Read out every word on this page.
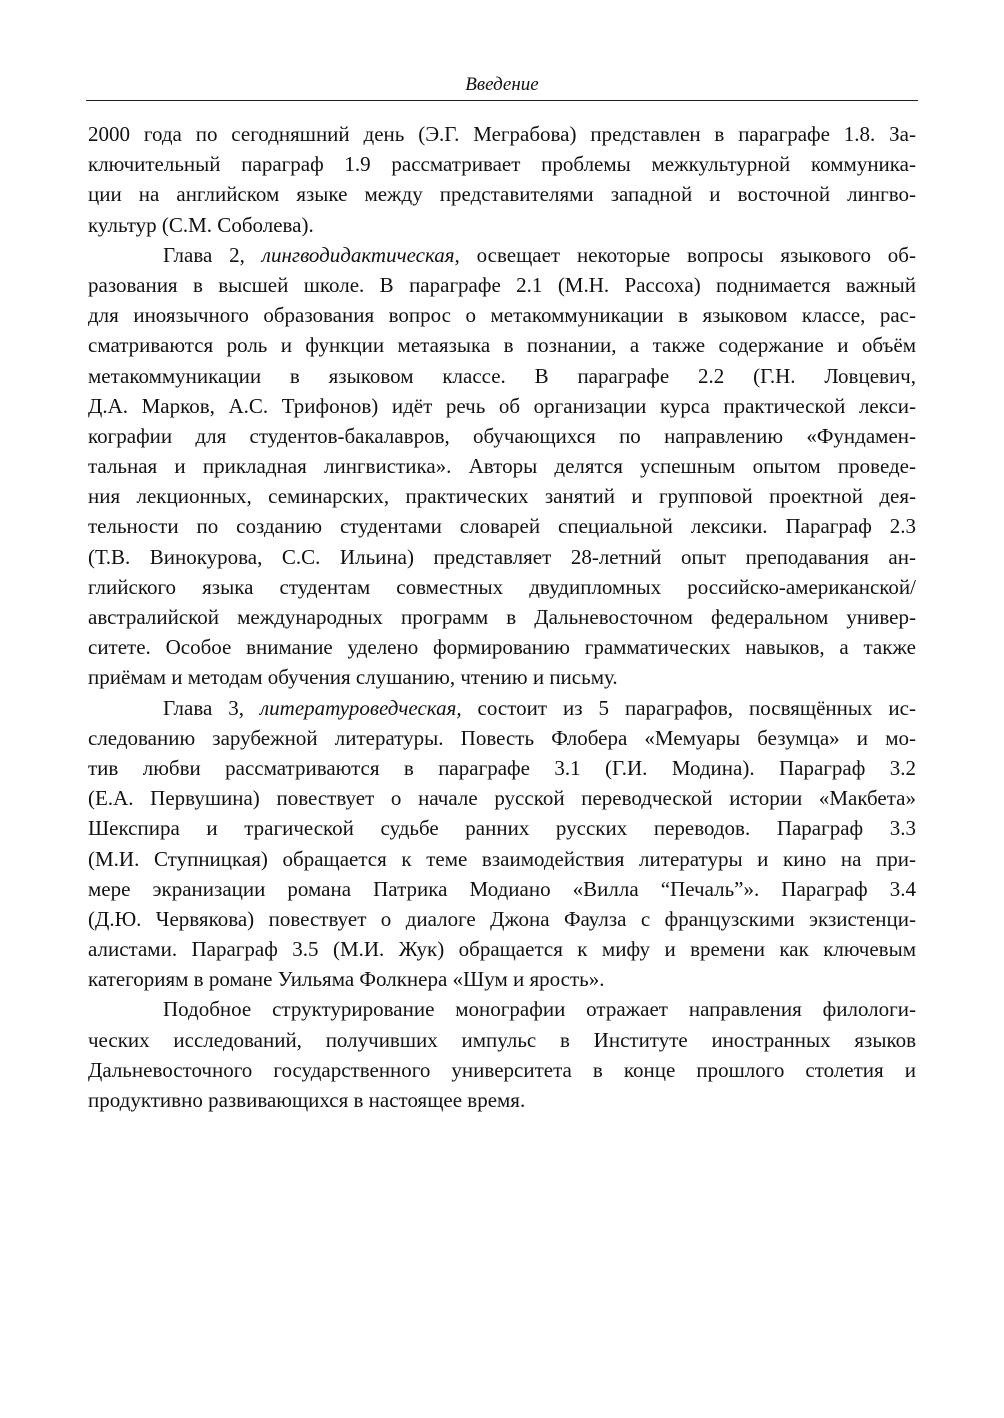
Введение
2000 года по сегодняшний день (Э.Г. Меграбова) представлен в параграфе 1.8. За-
ключительный параграф 1.9 рассматривает проблемы межкультурной коммуника-
ции на английском языке между представителями западной и восточной лингво-
культур (С.М. Соболева).
Глава 2, лингводидактическая, освещает некоторые вопросы языкового об-
разования в высшей школе. В параграфе 2.1 (М.Н. Рассоха) поднимается важный
для иноязычного образования вопрос о метакоммуникации в языковом классе, рас-
сматриваются роль и функции метаязыка в познании, а также содержание и объём
метакоммуникации в языковом классе. В параграфе 2.2 (Г.Н. Ловцевич,
Д.А. Марков, А.С. Трифонов) идёт речь об организации курса практической лекси-
кографии для студентов-бакалавров, обучающихся по направлению «Фундамен-
тальная и прикладная лингвистика». Авторы делятся успешным опытом проведе-
ния лекционных, семинарских, практических занятий и групповой проектной дея-
тельности по созданию студентами словарей специальной лексики. Параграф 2.3
(Т.В. Винокурова, С.С. Ильина) представляет 28-летний опыт преподавания ан-
глийского языка студентам совместных двудипломных российско-американской/
австралийской международных программ в Дальневосточном федеральном универ-
ситете. Особое внимание уделено формированию грамматических навыков, а также
приёмам и методам обучения слушанию, чтению и письму.
Глава 3, литературоведческая, состоит из 5 параграфов, посвящённых ис-
следованию зарубежной литературы. Повесть Флобера «Мемуары безумца» и мо-
тив любви рассматриваются в параграфе 3.1 (Г.И. Модина). Параграф 3.2
(Е.А. Первушина) повествует о начале русской переводческой истории «Макбета»
Шекспира и трагической судьбе ранних русских переводов. Параграф 3.3
(М.И. Ступницкая) обращается к теме взаимодействия литературы и кино на при-
мере экранизации романа Патрика Модиано «Вилла “Печаль”». Параграф 3.4
(Д.Ю. Червякова) повествует о диалоге Джона Фаулза с французскими экзистенци-
алистами. Параграф 3.5 (М.И. Жук) обращается к мифу и времени как ключевым
категориям в романе Уильяма Фолкнера «Шум и ярость».
Подобное структурирование монографии отражает направления филологи-
ческих исследований, получивших импульс в Институте иностранных языков
Дальневосточного государственного университета в конце прошлого столетия и
продуктивно развивающихся в настоящее время.
